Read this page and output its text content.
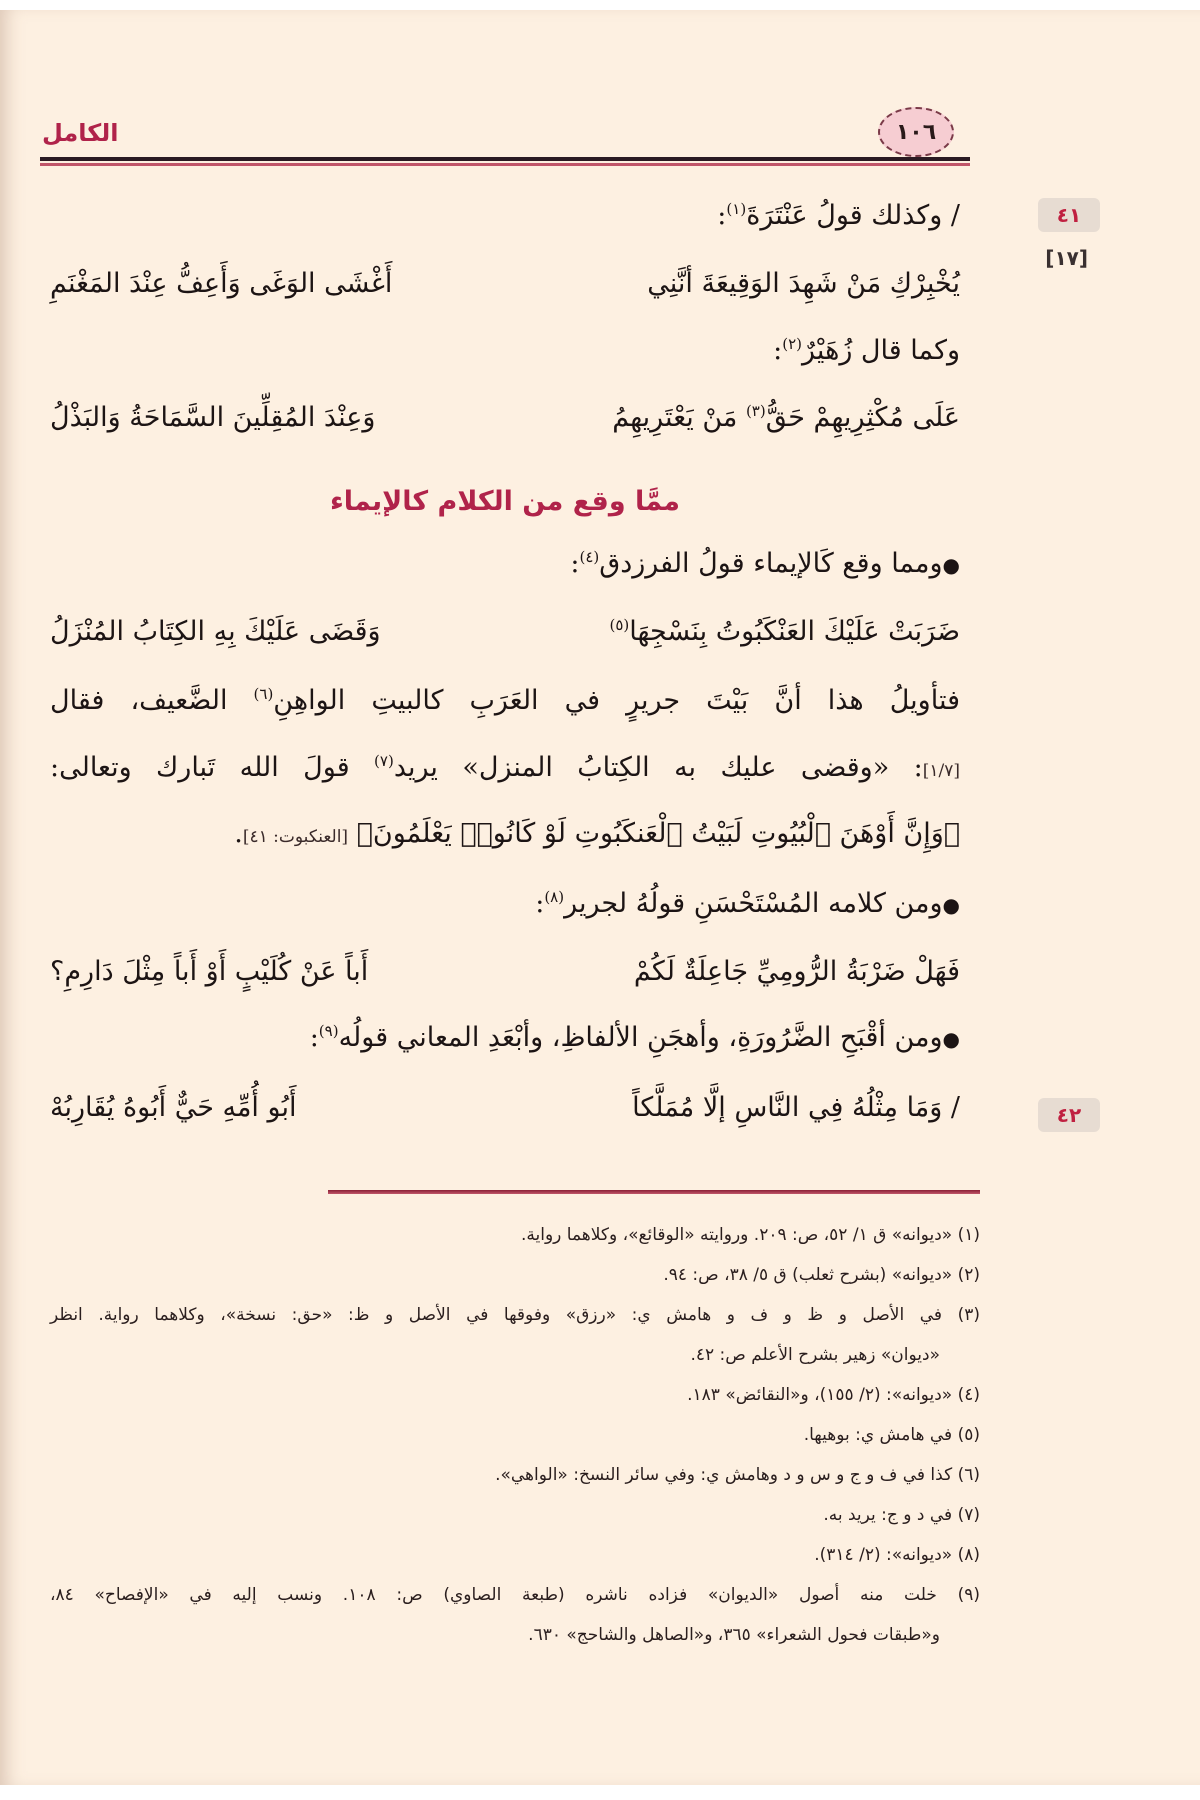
الكامل	١٠٦
٤١
[١٧]
٤٢
/ وكذلك قولُ عَنْتَرَةَ$^{(١)}$:
يُخْبِرْكِ مَنْ شَهِدَ الوَقِيعَةَ أنَّنِي
أَغْشَى الوَغَى وَأَعِفُّ عِنْدَ المَغْنَمِ
وكما قال زُهَيْرٌ$^{(٢)}$:
عَلَى مُكْثِرِيهِمْ حَقُّ$^{(٣)}$ مَنْ يَعْتَرِيهِمُ
وَعِنْدَ المُقِلِّينَ السَّمَاحَةُ وَالبَذْلُ
ممَّا وقع من الكلام كالإيماء
●ومما وقع كَالإيماء قولُ الفرزدق$^{(٤)}$:
ضَرَبَتْ عَلَيْكَ العَنْكَبُوتُ بِنَسْجِهَا$^{(٥)}$
وَقَضَى عَلَيْكَ بِهِ الكِتَابُ المُنْزَلُ
فتأويلُ هذا أنَّ بَيْتَ جريرٍ في العَرَبِ كالبيتِ الواهِنِ$^{(٦)}$ الضَّعيف، فقال
[١/٧]: «وقضى عليك به الكِتابُ المنزل» يريد$^{(٧)}$ قولَ الله تَبارك وتعالى:
﴿وَإِنَّ أَوْهَنَ ٱلْبُيُوتِ لَبَيْتُ ٱلْعَنكَبُوتِ لَوْ كَانُوا۟ يَعْلَمُونَ﴾ [العنكبوت: ٤١].
●ومن كلامه المُسْتَحْسَنِ قولُهُ لجرير$^{(٨)}$:
فَهَلْ ضَرْبَةُ الرُّومِيِّ جَاعِلَةٌ لَكُمْ
أَباً عَنْ كُلَيْبٍ أَوْ أَباً مِثْلَ دَارِمِ؟
●ومن أقْبَحِ الضَّرُورَةِ، وأهجَنِ الألفاظِ، وأبْعَدِ المعاني قولُه$^{(٩)}$:
/ وَمَا مِثْلُهُ فِي النَّاسِ إلَّا مُمَلَّكاً
أَبُو أُمِّهِ حَيٌّ أَبُوهُ يُقَارِبُهْ
(١) «ديوانه» ق ١/ ٥٢، ص: ٢٠٩. وروايته «الوقائع»، وكلاهما رواية.
(٢) «ديوانه» (بشرح ثعلب) ق ٥/ ٣٨، ص: ٩٤.
(٣) في الأصل و ظ و ف و هامش ي: «رزق» وفوقها في الأصل و ظ: «حق: نسخة»، وكلاهما رواية. انظر
«ديوان» زهير بشرح الأعلم ص: ٤٢.
(٤) «ديوانه»: (٢/ ١٥٥)، و«النقائض» ١٨٣.
(٥) في هامش ي: بوهيها.
(٦) كذا في ف و ج و س و د وهامش ي: وفي سائر النسخ: «الواهي».
(٧) في د و ج: يريد به.
(٨) «ديوانه»: (٢/ ٣١٤).
(٩) خلت منه أصول «الديوان» فزاده ناشره (طبعة الصاوي) ص: ١٠٨. ونسب إليه في «الإفصاح» ٨٤،
و«طبقات فحول الشعراء» ٣٦٥، و«الصاهل والشاحج» ٦٣٠.
